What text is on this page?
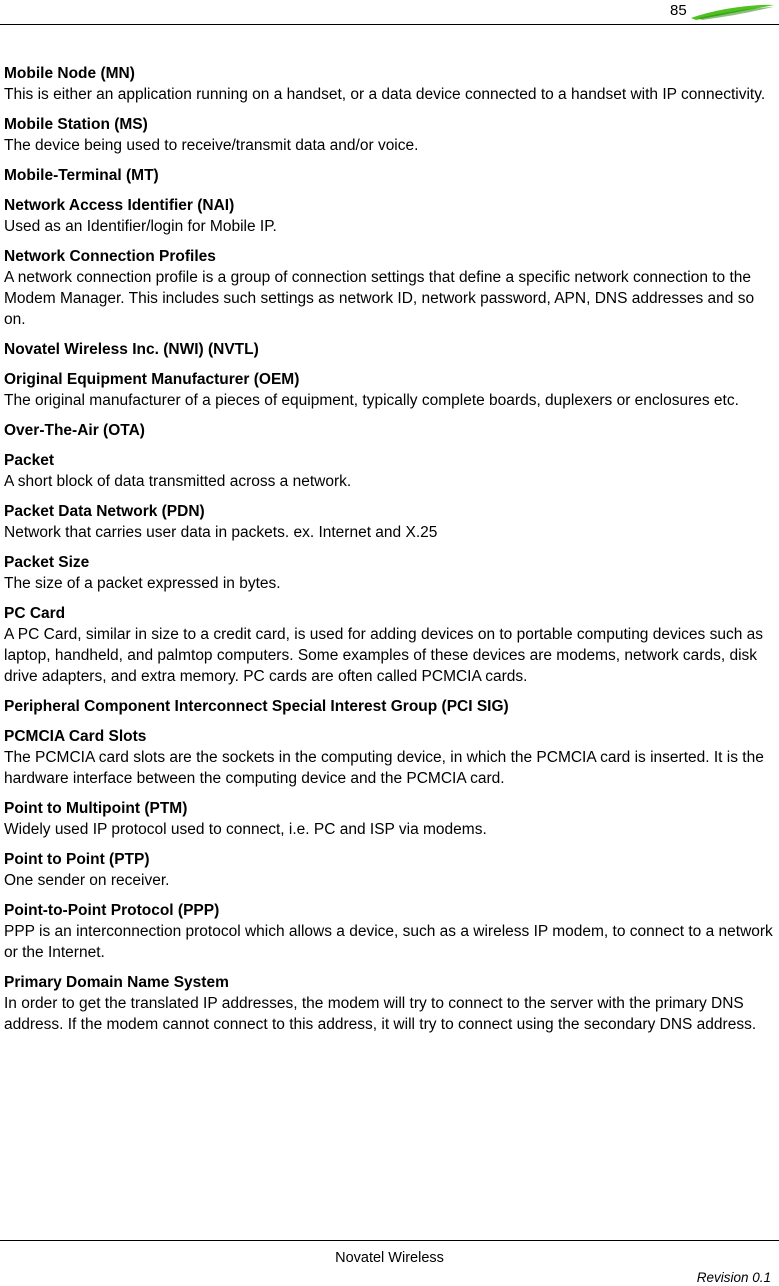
85
Mobile Node (MN)
This is either an application running on a handset, or a data device connected to a handset with IP connectivity.
Mobile Station (MS)
The device being used to receive/transmit data and/or voice.
Mobile-Terminal (MT)
Network Access Identifier (NAI)
Used as an Identifier/login for Mobile IP.
Network Connection Profiles
A network connection profile is a group of connection settings that define a specific network connection to the Modem Manager. This includes such settings as network ID, network password, APN, DNS addresses and so on.
Novatel Wireless Inc. (NWI) (NVTL)
Original Equipment Manufacturer (OEM)
The original manufacturer of a pieces of equipment, typically complete boards, duplexers or enclosures etc.
Over-The-Air (OTA)
Packet
A short block of data transmitted across a network.
Packet Data Network (PDN)
Network that carries user data in packets. ex. Internet and X.25
Packet Size
The size of a packet expressed in bytes.
PC Card
A PC Card, similar in size to a credit card, is used for adding devices on to portable computing devices such as laptop, handheld, and palmtop computers. Some examples of these devices are modems, network cards, disk drive adapters, and extra memory. PC cards are often called PCMCIA cards.
Peripheral Component Interconnect Special Interest Group (PCI SIG)
PCMCIA Card Slots
The PCMCIA card slots are the sockets in the computing device, in which the PCMCIA card is inserted. It is the hardware interface between the computing device and the PCMCIA card.
Point to Multipoint (PTM)
Widely used IP protocol used to connect, i.e. PC and ISP via modems.
Point to Point (PTP)
One sender on receiver.
Point-to-Point Protocol (PPP)
PPP is an interconnection protocol which allows a device, such as a wireless IP modem, to connect to a network or the Internet.
Primary Domain Name System
In order to get the translated IP addresses, the modem will try to connect to the server with the primary DNS address. If the modem cannot connect to this address, it will try to connect using the secondary DNS address.
Novatel Wireless
Revision 0.1
